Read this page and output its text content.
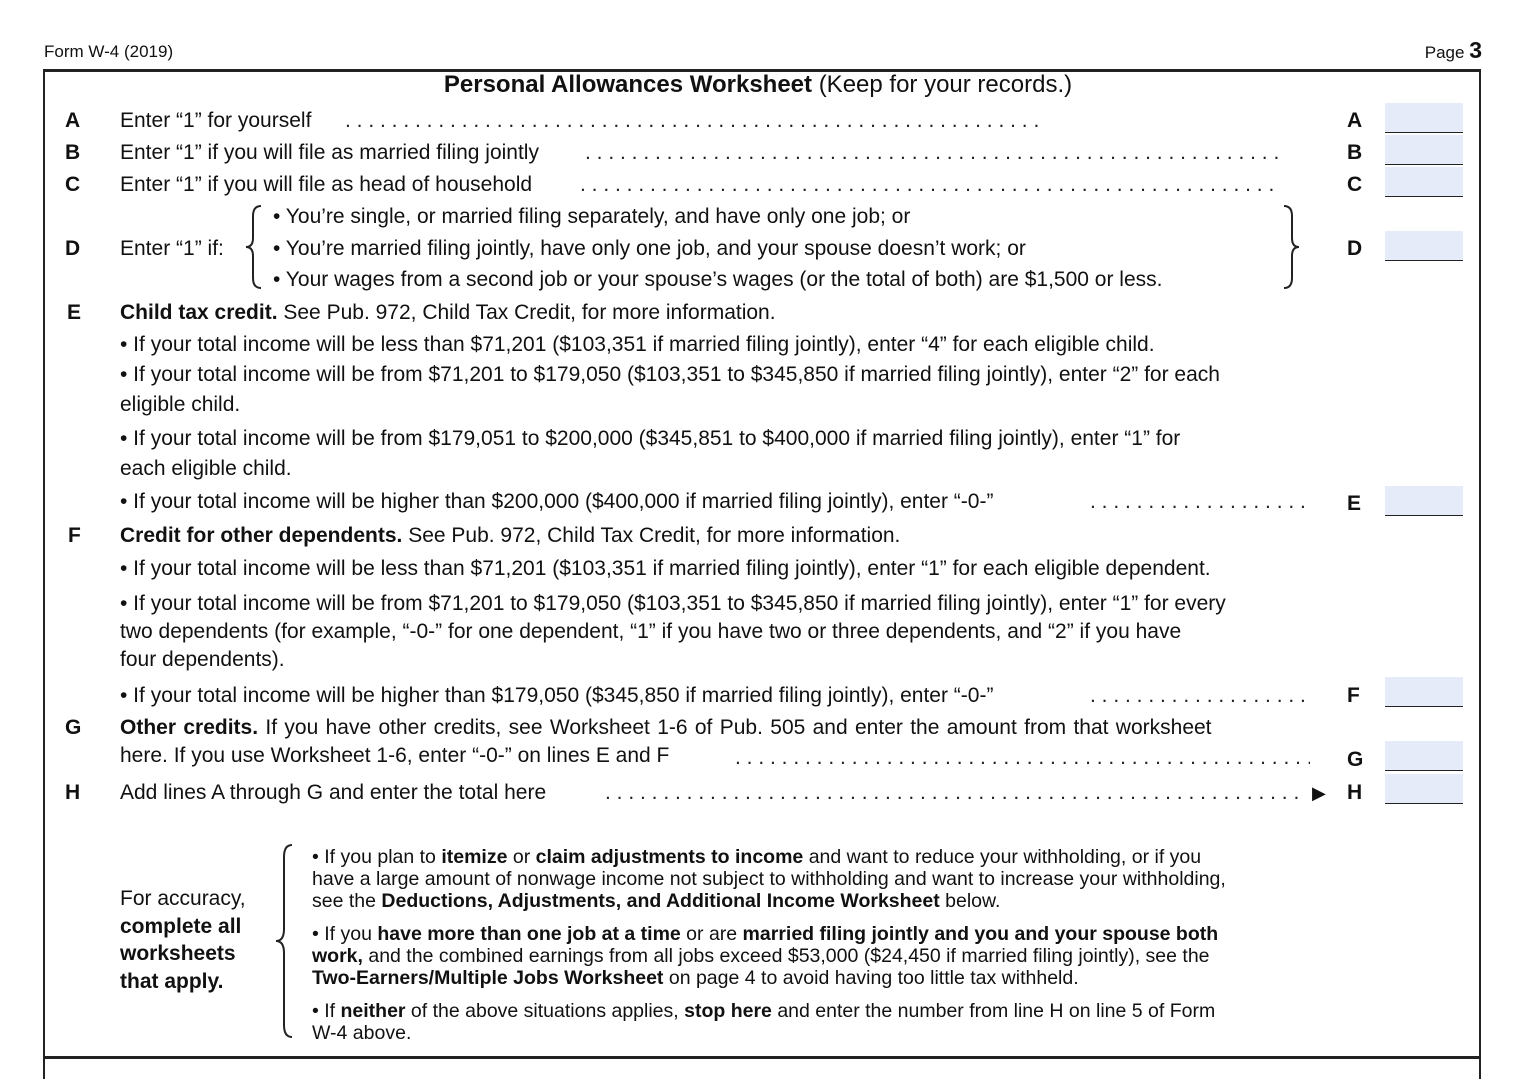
Form W-4 (2019)	Page 3
Personal Allowances Worksheet (Keep for your records.)
A Enter “1” for yourself . .	A
B Enter “1” if you will file as married filing jointly . .	B
C Enter “1” if you will file as head of household . .	C
D Enter “1” if:
• You’re single, or married filing separately, and have only one job; or
• You’re married filing jointly, have only one job, and your spouse doesn’t work; or
• Your wages from a second job or your spouse’s wages (or the total of both) are $1,500 or less.
D
E Child tax credit. See Pub. 972, Child Tax Credit, for more information.
• If your total income will be less than $71,201 ($103,351 if married filing jointly), enter “4” for each eligible child.
• If your total income will be from $71,201 to $179,050 ($103,351 to $345,850 if married filing jointly), enter “2” for each
eligible child.
• If your total income will be from $179,051 to $200,000 ($345,851 to $400,000 if married filing jointly), enter “1” for
each eligible child.
• If your total income will be higher than $200,000 ($400,000 if married filing jointly), enter “-0-” . .	E
F Credit for other dependents. See Pub. 972, Child Tax Credit, for more information.
• If your total income will be less than $71,201 ($103,351 if married filing jointly), enter “1” for each eligible dependent.
• If your total income will be from $71,201 to $179,050 ($103,351 to $345,850 if married filing jointly), enter “1” for every
two dependents (for example, “-0-” for one dependent, “1” if you have two or three dependents, and “2” if you have
four dependents).
• If your total income will be higher than $179,050 ($345,850 if married filing jointly), enter “-0-” . .	F
G Other credits. If you have other credits, see Worksheet 1-6 of Pub. 505 and enter the amount from that worksheet
here. If you use Worksheet 1-6, enter “-0-” on lines E and F . .	G
H Add lines A through G and enter the total here . .	▶ H
For accuracy,
complete all
worksheets
that apply.
• If you plan to itemize or claim adjustments to income and want to reduce your withholding, or if you
have a large amount of nonwage income not subject to withholding and want to increase your withholding,
see the Deductions, Adjustments, and Additional Income Worksheet below.
• If you have more than one job at a time or are married filing jointly and you and your spouse both
work, and the combined earnings from all jobs exceed $53,000 ($24,450 if married filing jointly), see the
Two-Earners/Multiple Jobs Worksheet on page 4 to avoid having too little tax withheld.
• If neither of the above situations applies, stop here and enter the number from line H on line 5 of Form
W-4 above.
